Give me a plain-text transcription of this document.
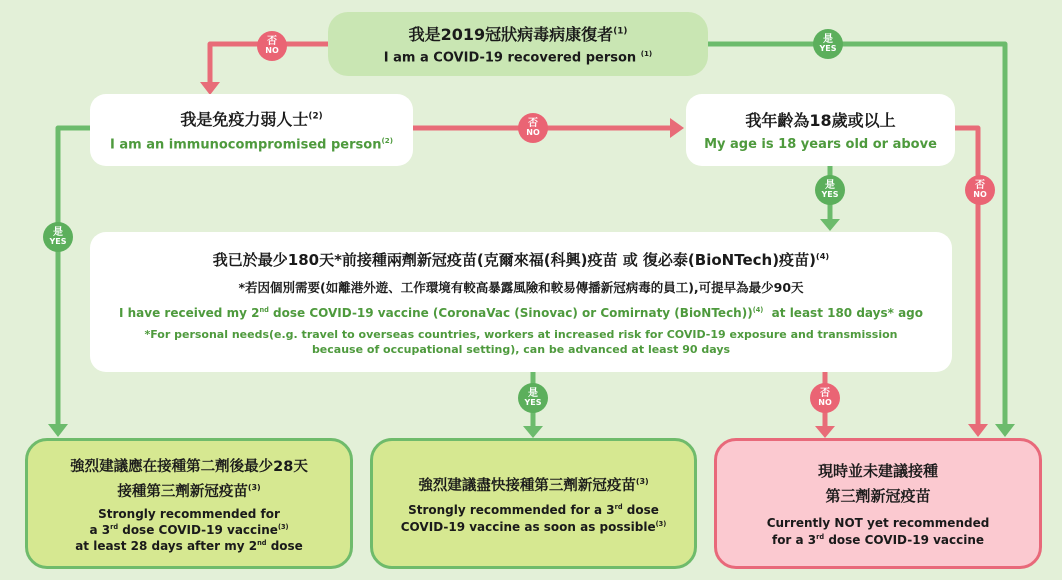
我是2019冠狀病毒病康復者$^{(1)}$
I am a COVID-19 recovered person $^{(1)}$
我是免疫力弱人士$^{(2)}$
I am an immunocompromised person$^{(2)}$
我年齡為18歲或以上
My age is 18 years old or above
我已於最少180天*前接種兩劑新冠疫苗(克爾來福(科興)疫苗 或 復必泰(BioNTech)疫苗)$^{(4)}$
*若因個別需要(如離港外遊、工作環境有較高暴露風險和較易傳播新冠病毒的員工),可提早為最少90天
I have received my 2nd dose COVID-19 vaccine (CoronaVac (Sinovac) or Comirnaty (BioNTech))$^{(4)}$  at least 180 days* ago
*For personal needs(e.g. travel to overseas countries, workers at increased risk for COVID-19 exposure and transmission
because of occupational setting), can be advanced at least 90 days
強烈建議應在接種第二劑後最少28天
接種第三劑新冠疫苗$^{(3)}$
Strongly recommended for
a 3rd dose COVID-19 vaccine$^{(3)}$
at least 28 days after my 2nd dose
強烈建議盡快接種第三劑新冠疫苗$^{(3)}$
Strongly recommended for a 3rd dose
COVID-19 vaccine as soon as possible$^{(3)}$
現時並未建議接種
第三劑新冠疫苗
Currently NOT yet recommended
for a 3rd dose COVID-19 vaccine
否
NO
是
YES
否
NO
是
YES
是
YES
否
NO
是
YES
否
NO
